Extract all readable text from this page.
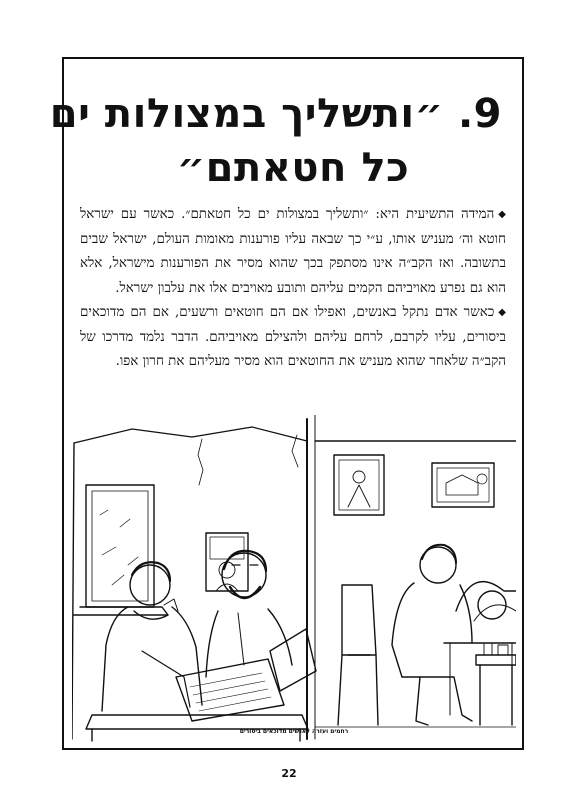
9. ״ותשליך במצולות ים
כל חטאתם״

◆המידה התשיעית היא: ״ותשליך במצולות ים כל חטאתם״. כאשר עם ישראל חוטא וה׳ מעניש אותו, ע״י כך שבאה עליו פורענות מאומות העולם, ישראל שבים בתשובה. ואז הקב״ה אינו מסתפק בכך שהוא מסיר את הפורענות מישראל, אלא הוא גם נפרע מאויביהם הקמים עליהם ותובע מאויבים אלו את עלבון ישראל.

◆כאשר אדם נתקל באנשים, ואפילו אם הם חוטאים ורשעים, אם הם מדוכאים ביסורים, עליו לקרבם, לרחם עליהם ולהצילם מאויביהם. הדבר נלמד מדרכו של הקב״ה שלאחר שהוא מעניש את החוטאים הוא מסיר מעליהם את חרון אפו.

רחמים ועזרה לאנשים מדוכאים ביסורים
22
